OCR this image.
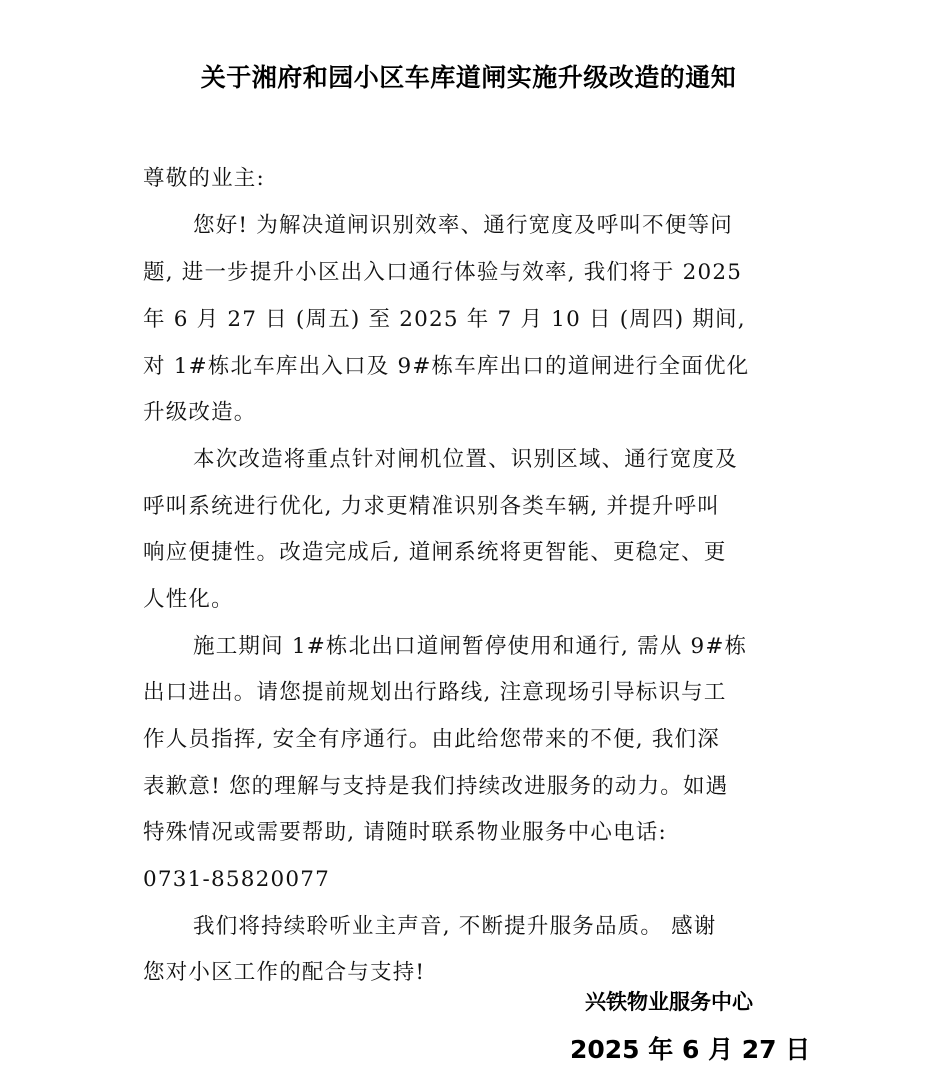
关于湘府和园小区车库道闸实施升级改造的通知
尊敬的业主:
您好! 为解决道闸识别效率、通行宽度及呼叫不便等问
题, 进一步提升小区出入口通行体验与效率, 我们将于 2025
年 6 月 27 日 (周五) 至 2025 年 7 月 10 日 (周四) 期间,
对 1#栋北车库出入口及 9#栋车库出口的道闸进行全面优化
升级改造。
本次改造将重点针对闸机位置、识别区域、通行宽度及
呼叫系统进行优化, 力求更精准识别各类车辆, 并提升呼叫
响应便捷性。改造完成后, 道闸系统将更智能、更稳定、更
人性化。
施工期间 1#栋北出口道闸暂停使用和通行, 需从 9#栋
出口进出。请您提前规划出行路线, 注意现场引导标识与工
作人员指挥, 安全有序通行。由此给您带来的不便, 我们深
表歉意! 您的理解与支持是我们持续改进服务的动力。如遇
特殊情况或需要帮助, 请随时联系物业服务中心电话:
0731-85820077
我们将持续聆听业主声音, 不断提升服务品质。 感谢
您对小区工作的配合与支持!
兴铁物业服务中心
2025 年 6 月 27 日
